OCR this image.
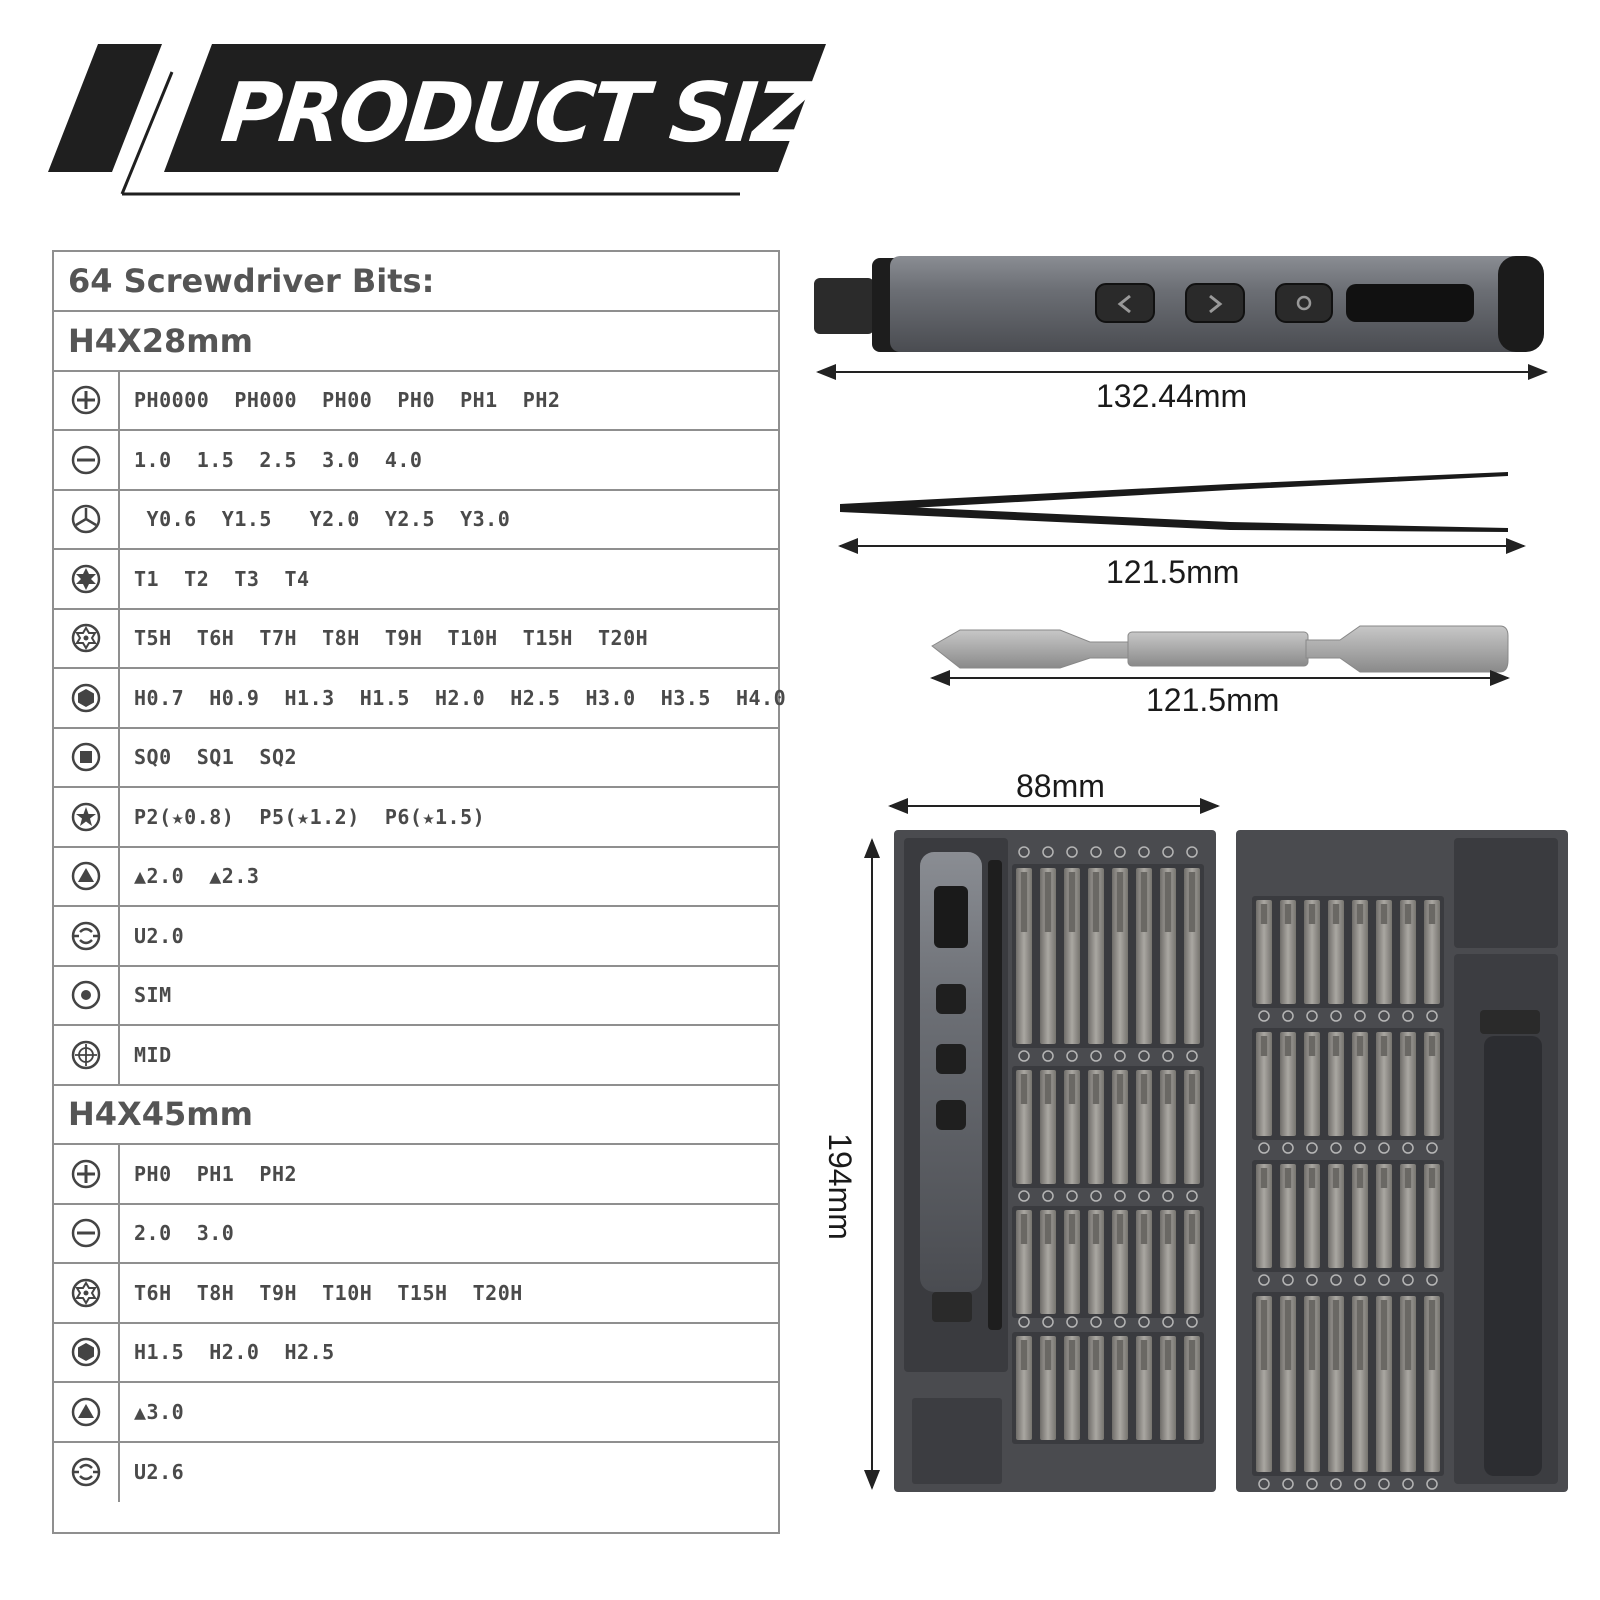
PRODUCT SIZE
64 Screwdriver Bits:
H4X28mm
PH0000  PH000  PH00  PH0  PH1  PH2
1.0  1.5  2.5  3.0  4.0
Y0.6  Y1.5   Y2.0  Y2.5  Y3.0
T1  T2  T3  T4
T5H  T6H  T7H  T8H  T9H  T10H  T15H  T20H
H0.7  H0.9  H1.3  H1.5  H2.0  H2.5  H3.0  H3.5  H4.0
SQ0  SQ1  SQ2
P2(★0.8)  P5(★1.2)  P6(★1.5)
▲2.0  ▲2.3
U2.0
SIM
MID
H4X45mm
PH0  PH1  PH2
2.0  3.0
T6H  T8H  T9H  T10H  T15H  T20H
H1.5  H2.0  H2.5
▲3.0
U2.6
132.44mm
121.5mm
121.5mm
88mm
194mm
